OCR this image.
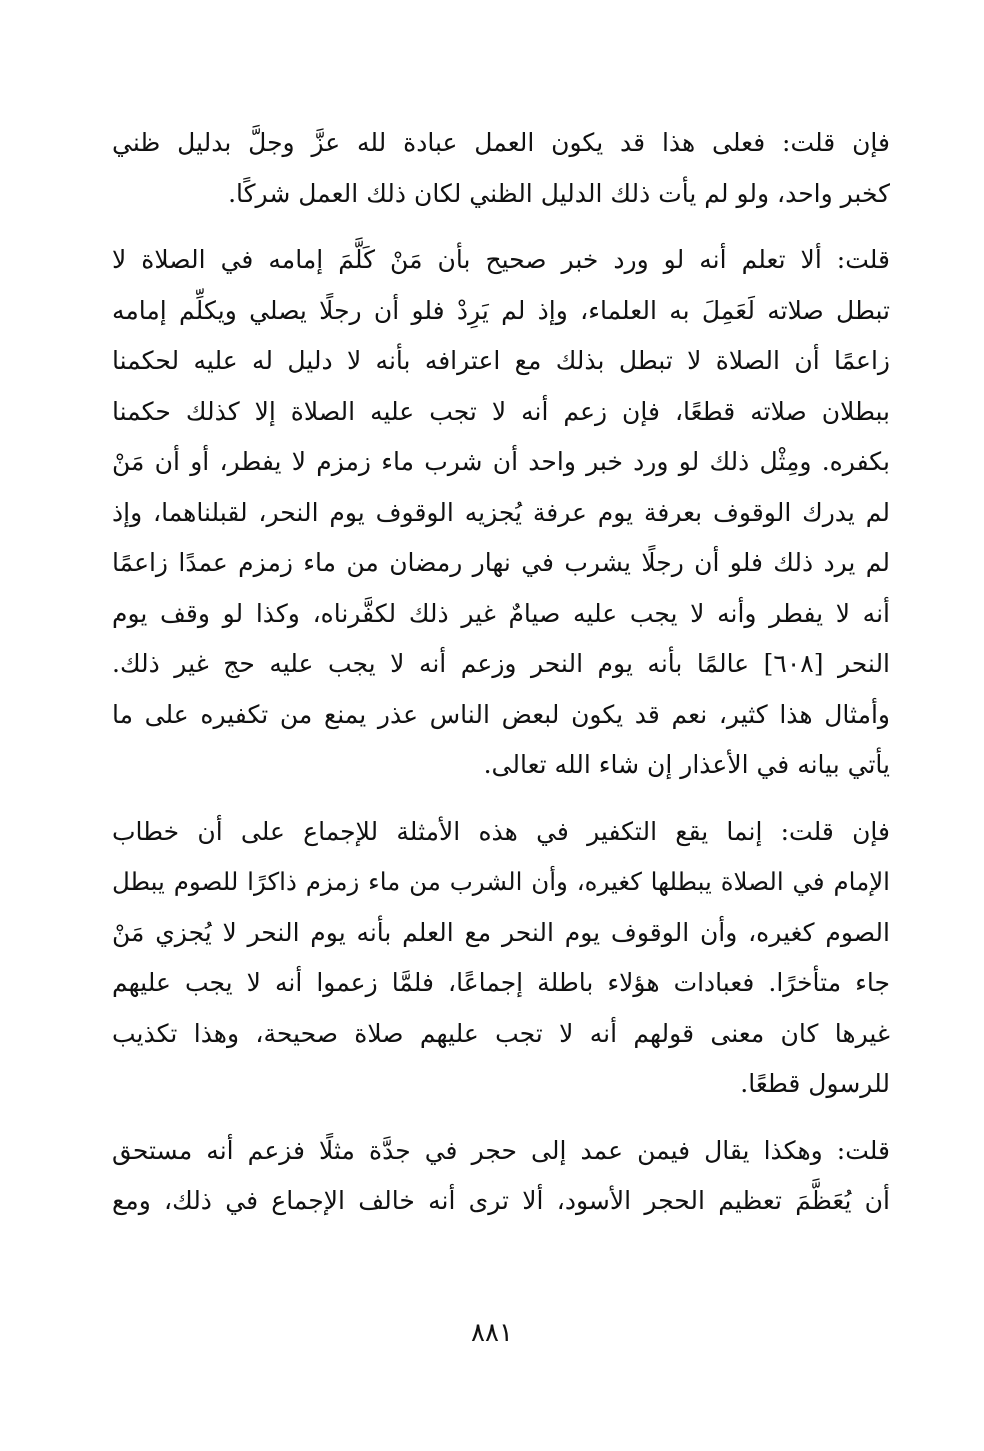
فإن قلت: فعلى هذا قد يكون العمل عبادة لله عزَّ وجلَّ بدليل ظني
كخبر واحد، ولو لم يأت ذلك الدليل الظني لكان ذلك العمل شركًا.
قلت: ألا تعلم أنه لو ورد خبر صحيح بأن مَنْ كَلَّمَ إمامه في الصلاة لا
تبطل صلاته لَعَمِلَ به العلماء، وإذ لم يَرِدْ فلو أن رجلًا يصلي ويكلِّم إمامه
زاعمًا أن الصلاة لا تبطل بذلك مع اعترافه بأنه لا دليل له عليه لحكمنا
ببطلان صلاته قطعًا، فإن زعم أنه لا تجب عليه الصلاة إلا كذلك حكمنا
بكفره. ومِثْل ذلك لو ورد خبر واحد أن شرب ماء زمزم لا يفطر، أو أن مَنْ
لم يدرك الوقوف بعرفة يوم عرفة يُجزيه الوقوف يوم النحر، لقبلناهما، وإذ
لم يرد ذلك فلو أن رجلًا يشرب في نهار رمضان من ماء زمزم عمدًا زاعمًا
أنه لا يفطر وأنه لا يجب عليه صيامٌ غير ذلك لكفَّرناه، وكذا لو وقف يوم
النحر [٦٠٨] عالمًا بأنه يوم النحر وزعم أنه لا يجب عليه حج غير ذلك.
وأمثال هذا كثير، نعم قد يكون لبعض الناس عذر يمنع من تكفيره على ما
يأتي بيانه في الأعذار إن شاء الله تعالى.
فإن قلت: إنما يقع التكفير في هذه الأمثلة للإجماع على أن خطاب
الإمام في الصلاة يبطلها كغيره، وأن الشرب من ماء زمزم ذاكرًا للصوم يبطل
الصوم كغيره، وأن الوقوف يوم النحر مع العلم بأنه يوم النحر لا يُجزي مَنْ
جاء متأخرًا. فعبادات هؤلاء باطلة إجماعًا، فلمَّا زعموا أنه لا يجب عليهم
غيرها كان معنى قولهم أنه لا تجب عليهم صلاة صحيحة، وهذا تكذيب
للرسول قطعًا.
قلت: وهكذا يقال فيمن عمد إلى حجر في جدَّة مثلًا فزعم أنه مستحق
أن يُعَظَّمَ تعظيم الحجر الأسود، ألا ترى أنه خالف الإجماع في ذلك، ومع
٨٨١
